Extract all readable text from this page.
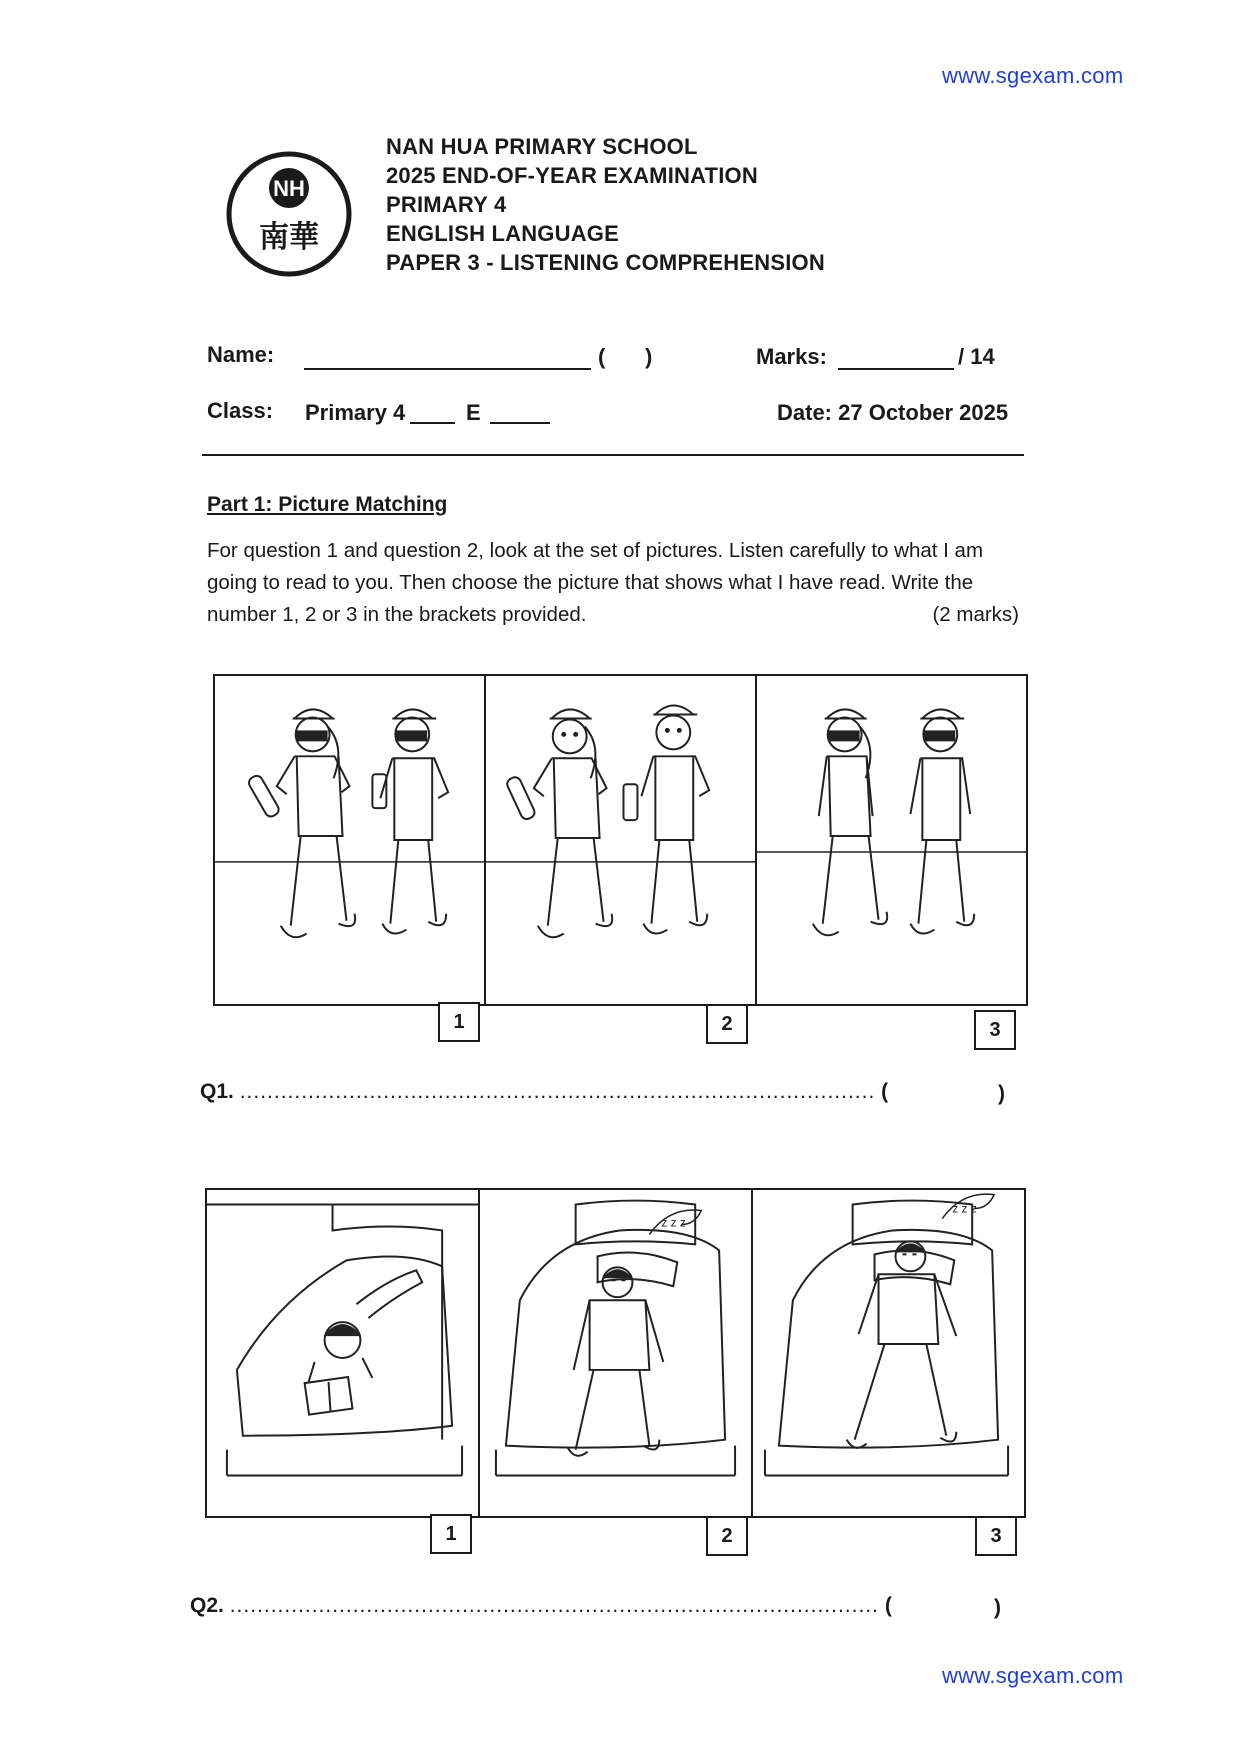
www.sgexam.com
NH
南華
NAN HUA PRIMARY SCHOOL
2025 END-OF-YEAR EXAMINATION
PRIMARY 4
ENGLISH LANGUAGE
PAPER 3 - LISTENING COMPREHENSION
Name:	( )	Marks:	/ 14
Class: Primary 4	E	Date: 27 October 2025
Part 1: Picture Matching
For question 1 and question 2, look at the set of pictures. Listen carefully to what I am going to read to you. Then choose the picture that shows what I have read. Write the number 1, 2 or 3 in the brackets provided.	(2 marks)
1	2	3
Q1. ............................................................................................. (	)
z z z
z z z
1	2	3
Q2. ............................................................................................... (	)
www.sgexam.com
